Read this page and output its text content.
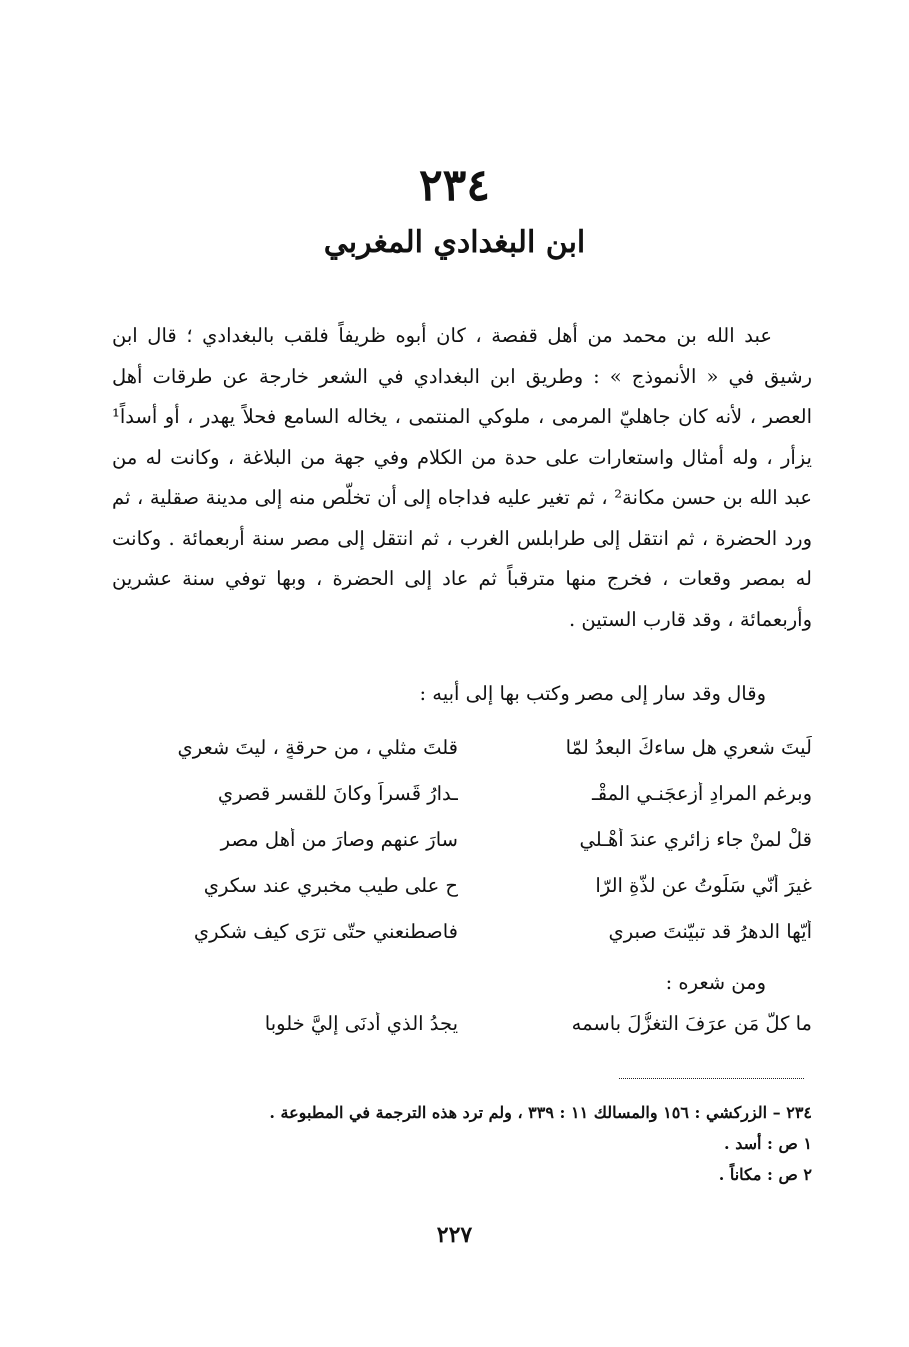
٢٣٤
ابن البغدادي المغربي

عبد الله بن محمد من أهل قفصة ، كان أبوه ظريفاً فلقب بالبغدادي ؛ قال ابن رشيق في « الأنموذج » : وطريق ابن البغدادي في الشعر خارجة عن طرقات أهل العصر ، لأنه كان جاهليّ المرمى ، ملوكي المنتمى ، يخاله السامع فحلاً يهدر ، أو أسداً¹ يزأر ، وله أمثال واستعارات على حدة من الكلام وفي جهة من البلاغة ، وكانت له من عبد الله بن حسن مكانة² ، ثم تغير عليه فداجاه إلى أن تخلّص منه إلى مدينة صقلية ، ثم ورد الحضرة ، ثم انتقل إلى طرابلس الغرب ، ثم انتقل إلى مصر سنة أربعمائة . وكانت له بمصر وقعات ، فخرج منها مترقباً ثم عاد إلى الحضرة ، وبها توفي سنة عشرين وأربعمائة ، وقد قارب الستين .

وقال وقد سار إلى مصر وكتب بها إلى أبيه :
لَيتَ شعري هل ساءكَ البعدُ لمّا
قلتَ مثلي ، من حرقةٍ ، ليتَ شعري
وبرغمِ المرادِ أزعجَنـي المقْـ
ـدارُ قَسراً وكانَ للقسرِ قصري
قلْ لمنْ جاء زائري عندَ أهْـلي
سارَ عنهم وصارَ من أهلِ مصر
غيرَ أنّي سَلَوتُ عن لذّةِ الرّا
حِ على طيبِ مخبري عند سكري
أيّها الدهرُ قد تبيّنتَ صبري
فاصطنعني حتّى ترَى كيف شكري
ومن شعره :
ما كلُّ مَن عرَفَ التغزُّلَ باسمه
يجدُ الذي أدنَى إليَّ خلوبا

٢٣٤ – الزركشي : ١٥٦ والمسالك ١١ : ٣٣٩ ، ولم ترد هذه الترجمة في المطبوعة .

١ ص : أسد .

٢ ص : مكاناً .

٢٢٧
